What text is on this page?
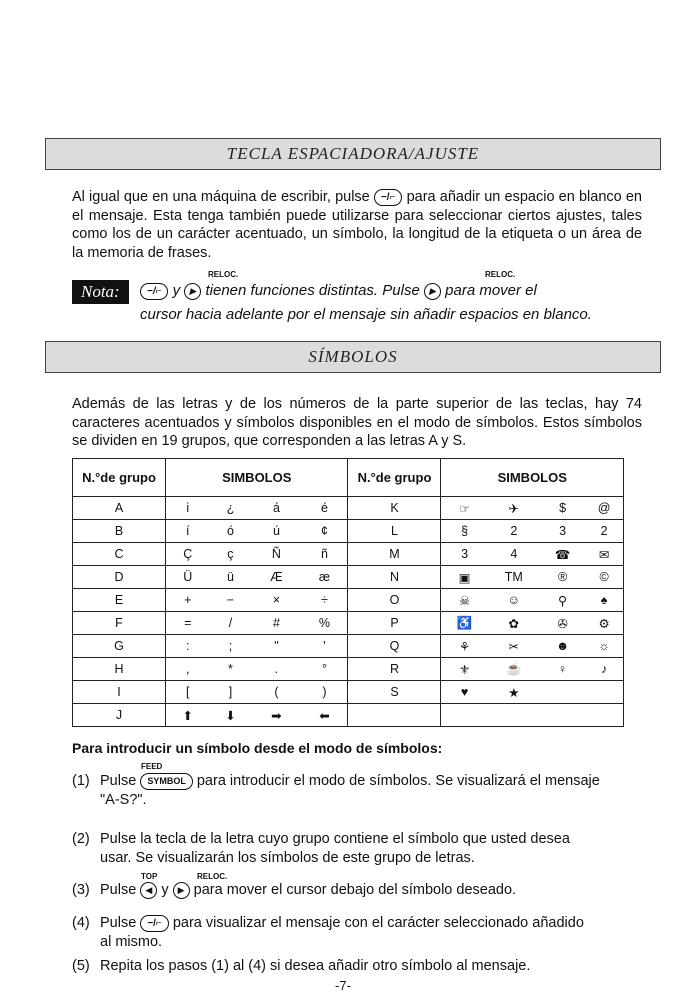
TECLA ESPACIADORA/AJUSTE
Al igual que en una máquina de escribir, pulse −/⌐ para añadir un espacio en blanco en el mensaje. Esta tenga también puede utilizarse para seleccionar ciertos ajustes, tales como los de un carácter acentuado, un símbolo, la longitud de la etiqueta o un área de la memoria de frases.
RELOC.	RELOC.
Nota:	−/⌐ y ▶ tienen funciones distintas. Pulse ▶ para mover el
cursor hacia adelante por el mensaje sin añadir espacios en blanco.
SÍMBOLOS
Además de las letras y de los números de la parte superior de las teclas, hay 74 caracteres acentuados y símbolos disponibles en el modo de símbolos. Estos símbolos se dividen en 19 grupos, que corresponden a las letras A y S.
N.°de grupo	SIMBOLOS				N.°de grupo	SIMBOLOS			
A	i	¿	á	é	K	☞	✈	$	@
B	í	ó	ú	¢	L	§	2	3	2
C	Ç	ç	Ñ	ñ	M	3	4	☎	✉
D	Ü	ü	Æ	æ	N	▣	TM	®	©
E	+	−	×	÷	O	☠	☺	⚲	♠
F	=	/	#	%	P	♿	✿	✇	⚙
G	:	;	"	'	Q	⚘	✂	☻	☼
H	,	*	.	°	R	⚜	☕	♀	♪
I	[	]	(	)	S	♥	★		
J	⬆	⬇	➡	⬅					
Para introducir un símbolo desde el modo de símbolos:
FEED
(1) Pulse SYMBOL para introducir el modo de símbolos. Se visualizará el mensaje
"A-S?".
(2) Pulse la tecla de la letra cuyo grupo contiene el símbolo que usted desea
usar. Se visualizarán los símbolos de este grupo de letras.
TOP	RELOC.
(3) Pulse ◀ y ▶ para mover el cursor debajo del símbolo deseado.
(4) Pulse −/⌐ para visualizar el mensaje con el carácter seleccionado añadido
al mismo.
(5) Repita los pasos (1) al (4) si desea añadir otro símbolo al mensaje.
-7-
